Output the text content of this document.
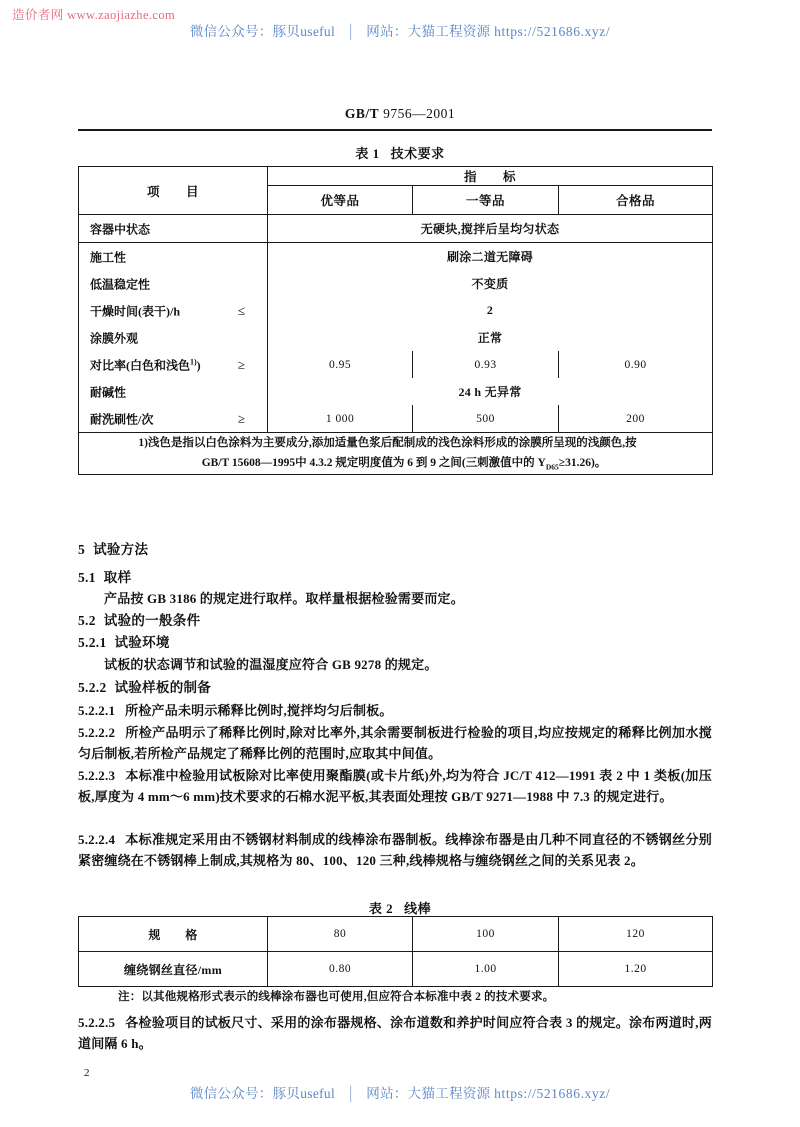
造价者网 www.zaojiazhe.com
微信公众号：豚贝useful │ 网站：大猫工程资源 https://521686.xyz/
GB/T 9756—2001
表 1 技术要求
项　　目	指　　标		
	优等品	一等品	合格品

容器中状态	无硬块,搅拌后呈均匀状态		

施工性	刷涂二道无障碍		

低温稳定性	不变质		

干燥时间(表干)/h ≤	2		

涂膜外观	正常		

对比率(白色和浅色$^{1)}$) ≥	0.95	0.93	0.90

耐碱性	24 h 无异常		

耐洗刷性/次 ≥	1 000	500	200
1)浅色是指以白色涂料为主要成分,添加适量色浆后配制成的浅色涂料形成的涂膜所呈现的浅颜色,按
GB/T 15608—1995中 4.3.2 规定明度值为 6 到 9 之间(三刺激值中的 $Y_{D65}\ge 31.26$)。			
5 试验方法
5.1 取样
产品按 GB 3186 的规定进行取样。取样量根据检验需要而定。
5.2 试验的一般条件
5.2.1 试验环境
试板的状态调节和试验的温湿度应符合 GB 9278 的规定。
5.2.2 试验样板的制备
5.2.2.1 所检产品未明示稀释比例时,搅拌均匀后制板。
5.2.2.2 所检产品明示了稀释比例时,除对比率外,其余需要制板进行检验的项目,均应按规定的稀释比例加水搅匀后制板,若所检产品规定了稀释比例的范围时,应取其中间值。
5.2.2.3 本标准中检验用试板除对比率使用聚酯膜(或卡片纸)外,均为符合 JC/T 412—1991 表 2 中 1 类板(加压板,厚度为 4 mm～6 mm)技术要求的石棉水泥平板,其表面处理按 GB/T 9271—1988 中 7.3 的规定进行。
5.2.2.4 本标准规定采用由不锈钢材料制成的线棒涂布器制板。线棒涂布器是由几种不同直径的不锈钢丝分别紧密缠绕在不锈钢棒上制成,其规格为 80、100、120 三种,线棒规格与缠绕钢丝之间的关系见表 2。
表 2 线棒
规　　格	80	100	120
缠绕钢丝直径/mm	0.80	1.00	1.20
注：以其他规格形式表示的线棒涂布器也可使用,但应符合本标准中表 2 的技术要求。
5.2.2.5 各检验项目的试板尺寸、采用的涂布器规格、涂布道数和养护时间应符合表 3 的规定。涂布两道时,两道间隔 6 h。
2
微信公众号：豚贝useful │ 网站：大猫工程资源 https://521686.xyz/
